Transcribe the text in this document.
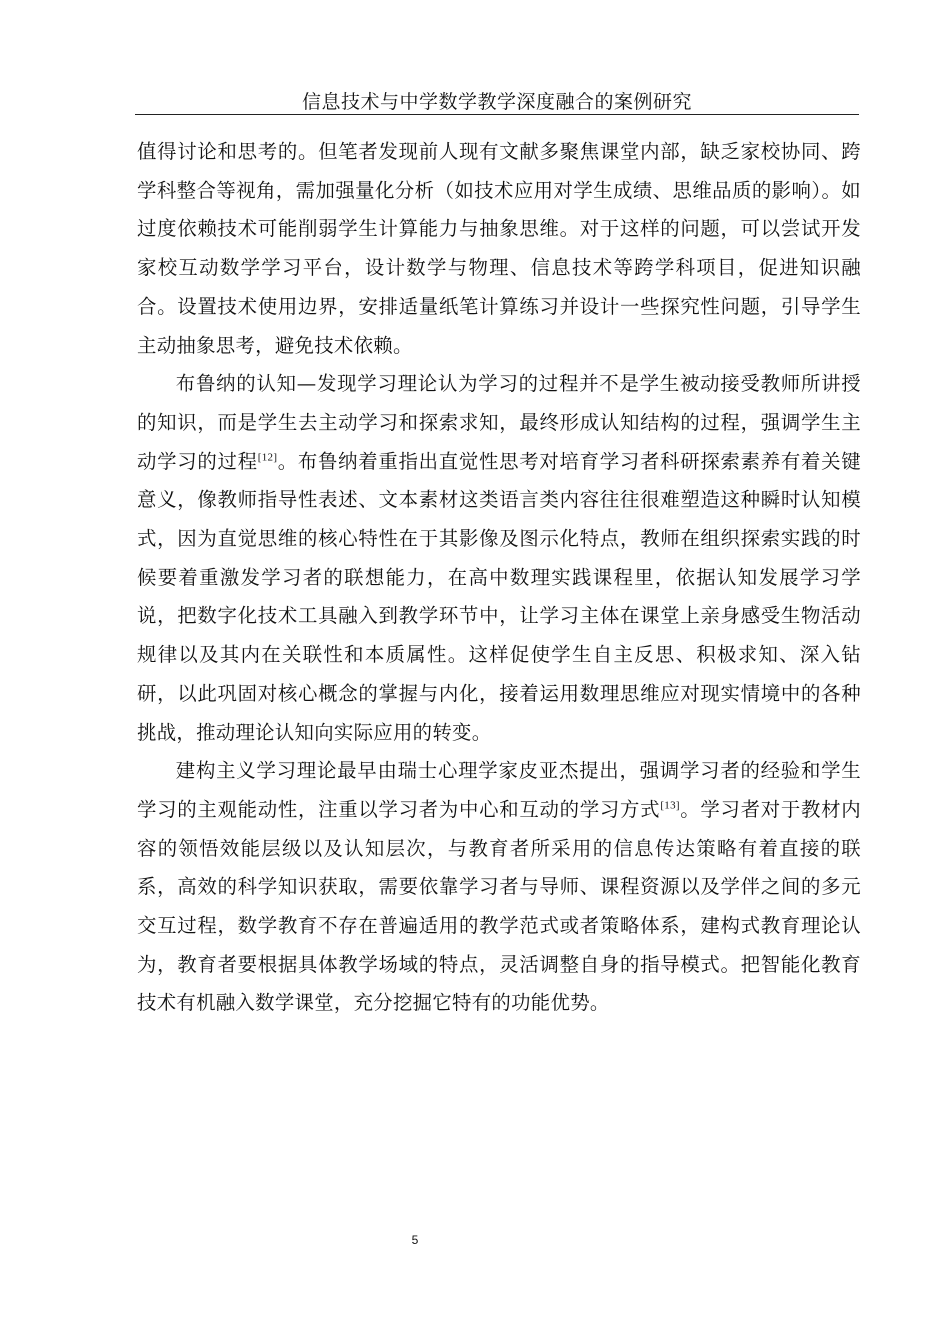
信息技术与中学数学教学深度融合的案例研究

值得讨论和思考的。但笔者发现前人现有文献多聚焦课堂内部，缺乏家校协同、跨学科整合等视角，需加强量化分析（如技术应用对学生成绩、思维品质的影响）。如过度依赖技术可能削弱学生计算能力与抽象思维。对于这样的问题，可以尝试开发家校互动数学学习平台，设计数学与物理、信息技术等跨学科项目，促进知识融合。设置技术使用边界，安排适量纸笔计算练习并设计一些探究性问题，引导学生主动抽象思考，避免技术依赖。

布鲁纳的认知—发现学习理论认为学习的过程并不是学生被动接受教师所讲授的知识，而是学生去主动学习和探索求知，最终形成认知结构的过程，强调学生主动学习的过程[12]。布鲁纳着重指出直觉性思考对培育学习者科研探索素养有着关键意义，像教师指导性表述、文本素材这类语言类内容往往很难塑造这种瞬时认知模式，因为直觉思维的核心特性在于其影像及图示化特点，教师在组织探索实践的时候要着重激发学习者的联想能力，在高中数理实践课程里，依据认知发展学习学说，把数字化技术工具融入到教学环节中，让学习主体在课堂上亲身感受生物活动规律以及其内在关联性和本质属性。这样促使学生自主反思、积极求知、深入钻研，以此巩固对核心概念的掌握与内化，接着运用数理思维应对现实情境中的各种挑战，推动理论认知向实际应用的转变。

建构主义学习理论最早由瑞士心理学家皮亚杰提出，强调学习者的经验和学生学习的主观能动性，注重以学习者为中心和互动的学习方式[13]。学习者对于教材内容的领悟效能层级以及认知层次，与教育者所采用的信息传达策略有着直接的联系，高效的科学知识获取，需要依靠学习者与导师、课程资源以及学伴之间的多元交互过程，数学教育不存在普遍适用的教学范式或者策略体系，建构式教育理论认为，教育者要根据具体教学场域的特点，灵活调整自身的指导模式。把智能化教育技术有机融入数学课堂，充分挖掘它特有的功能优势。

5
